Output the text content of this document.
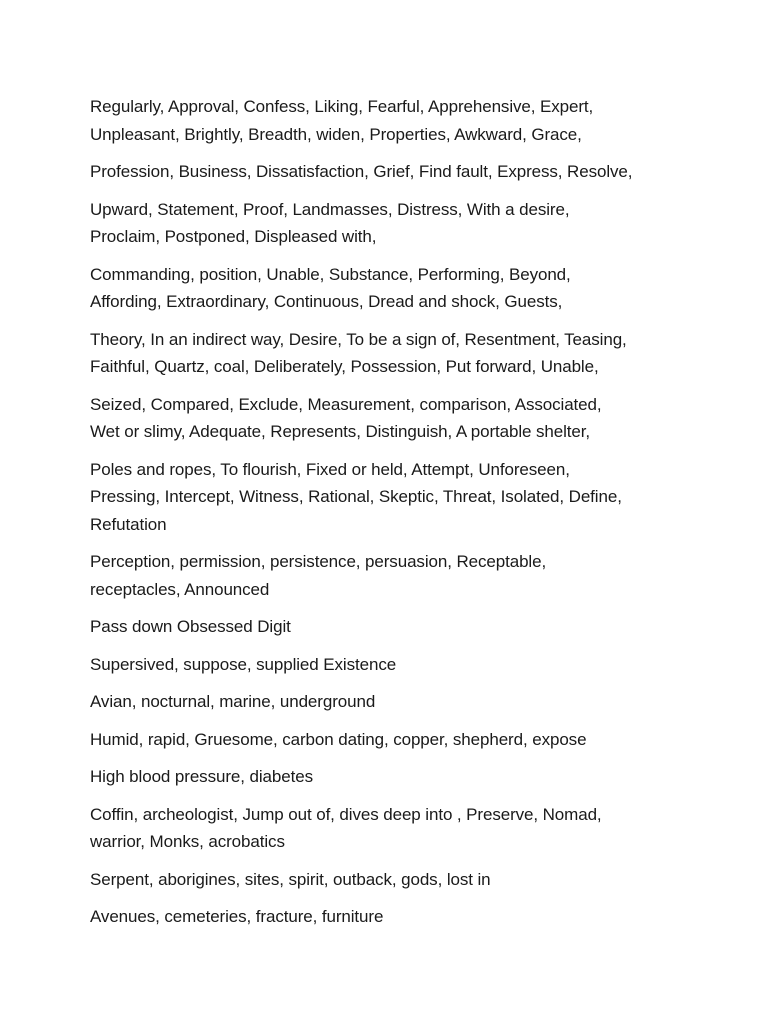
Regularly, Approval, Confess, Liking, Fearful, Apprehensive, Expert,
Unpleasant, Brightly, Breadth, widen, Properties, Awkward, Grace,

Profession, Business, Dissatisfaction, Grief, Find fault, Express, Resolve,

Upward, Statement, Proof, Landmasses, Distress, With a desire,
Proclaim, Postponed, Displeased with,

Commanding, position, Unable, Substance, Performing, Beyond,
Affording, Extraordinary, Continuous, Dread and shock, Guests,

Theory, In an indirect way, Desire, To be a sign of, Resentment, Teasing,
Faithful, Quartz, coal, Deliberately, Possession, Put forward, Unable,

Seized, Compared, Exclude, Measurement, comparison, Associated,
Wet or slimy, Adequate, Represents, Distinguish, A portable shelter,

Poles and ropes, To flourish, Fixed or held, Attempt, Unforeseen,
Pressing, Intercept, Witness, Rational, Skeptic, Threat, Isolated, Define,
Refutation

Perception, permission, persistence, persuasion, Receptable,
receptacles, Announced

Pass down Obsessed Digit

Supersived, suppose, supplied Existence

Avian, nocturnal, marine, underground

Humid, rapid, Gruesome, carbon dating, copper, shepherd, expose

High blood pressure, diabetes

Coffin, archeologist, Jump out of, dives deep into , Preserve, Nomad,
warrior, Monks, acrobatics

Serpent, aborigines, sites, spirit, outback, gods, lost in

Avenues, cemeteries, fracture, furniture
